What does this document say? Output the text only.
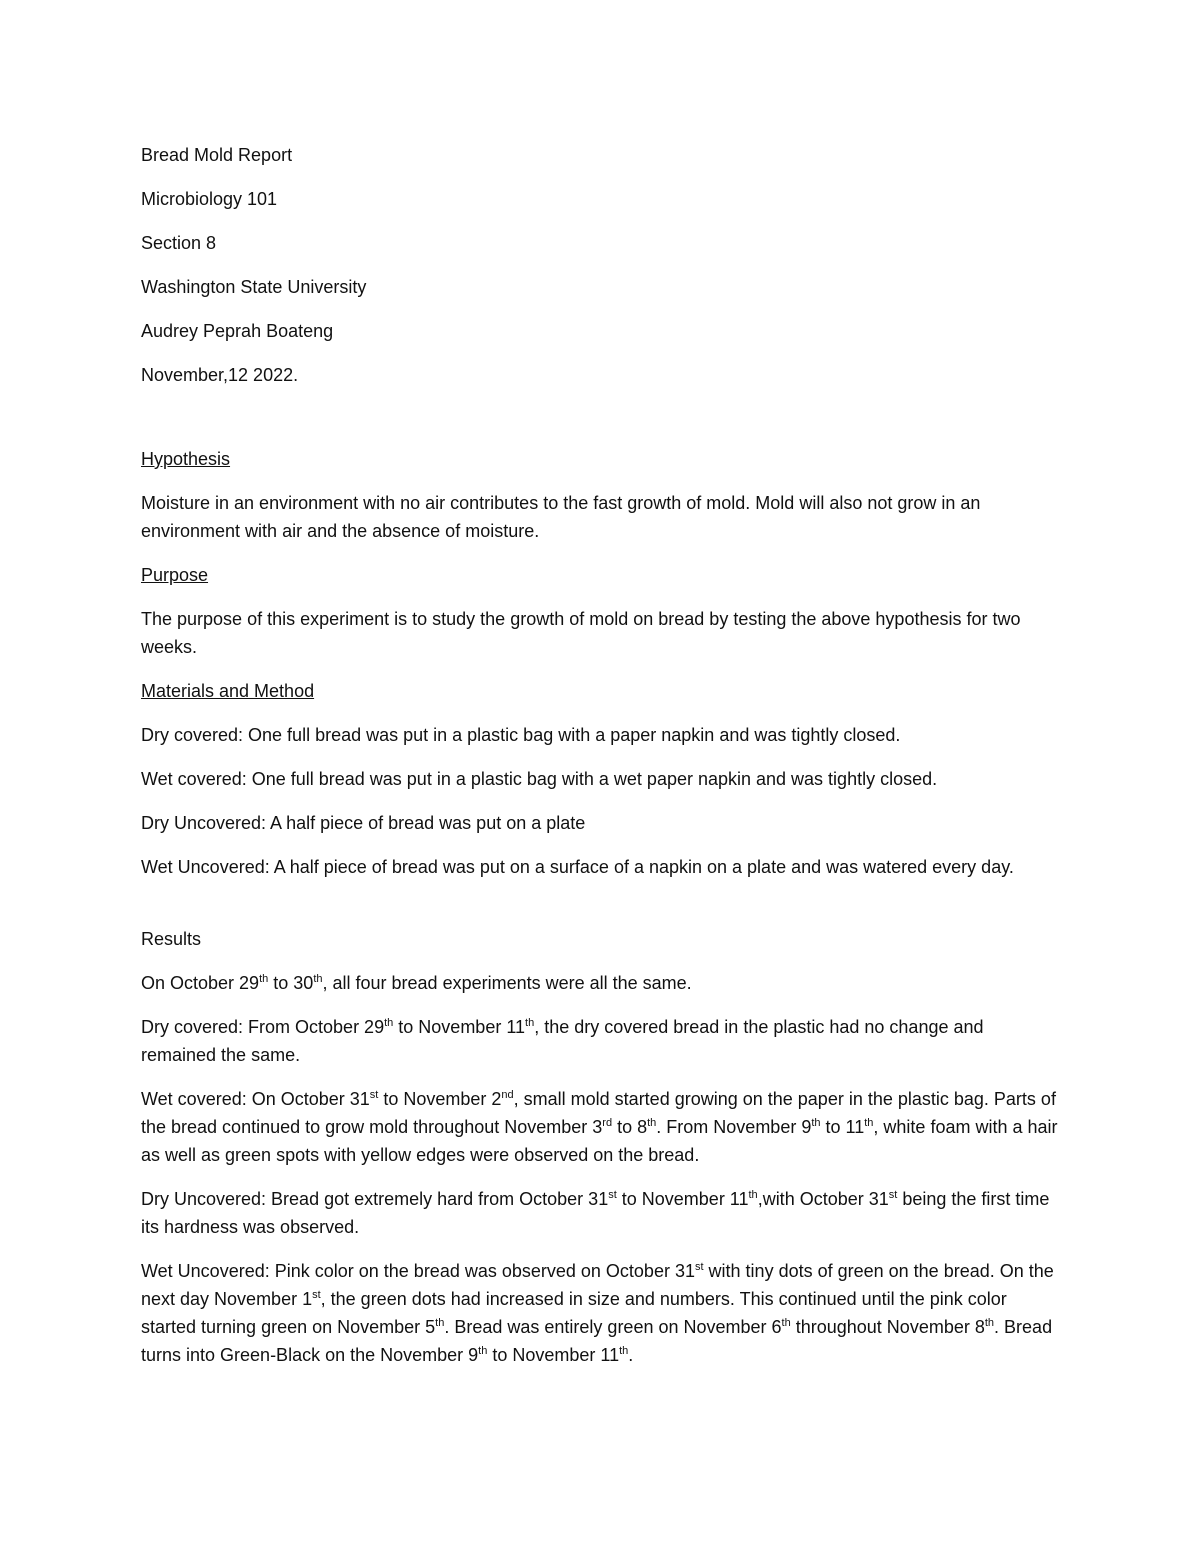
Bread Mold Report

Microbiology 101

Section 8

Washington State University

Audrey Peprah Boateng

November,12 2022.

Hypothesis

Moisture in an environment with no air contributes to the fast growth of mold. Mold will also not grow in an environment with air and the absence of moisture.

Purpose

The purpose of this experiment is to study the growth of mold on bread by testing the above hypothesis for two weeks.

Materials and Method

Dry covered: One full bread was put in a plastic bag with a paper napkin and was tightly closed.

Wet covered: One full bread was put in a plastic bag with a wet paper napkin and was tightly closed.

Dry Uncovered: A half piece of bread was put on a plate

Wet Uncovered: A half piece of bread was put on a surface of a napkin on a plate and was watered every day.

Results

On October 29th to 30th, all four bread experiments were all the same.

Dry covered: From October 29th to November 11th, the dry covered bread in the plastic had no change and remained the same.

Wet covered: On October 31st to November 2nd, small mold started growing on the paper in the plastic bag. Parts of the bread continued to grow mold throughout November 3rd to 8th. From November 9th to 11th, white foam with a hair as well as green spots with yellow edges were observed on the bread.

Dry Uncovered: Bread got extremely hard from October 31st to November 11th,with October 31st being the first time its hardness was observed.

Wet Uncovered: Pink color on the bread was observed on October 31st with tiny dots of green on the bread. On the next day November 1st, the green dots had increased in size and numbers. This continued until the pink color started turning green on November 5th. Bread was entirely green on November 6th throughout November 8th. Bread turns into Green-Black on the November 9th to November 11th.
